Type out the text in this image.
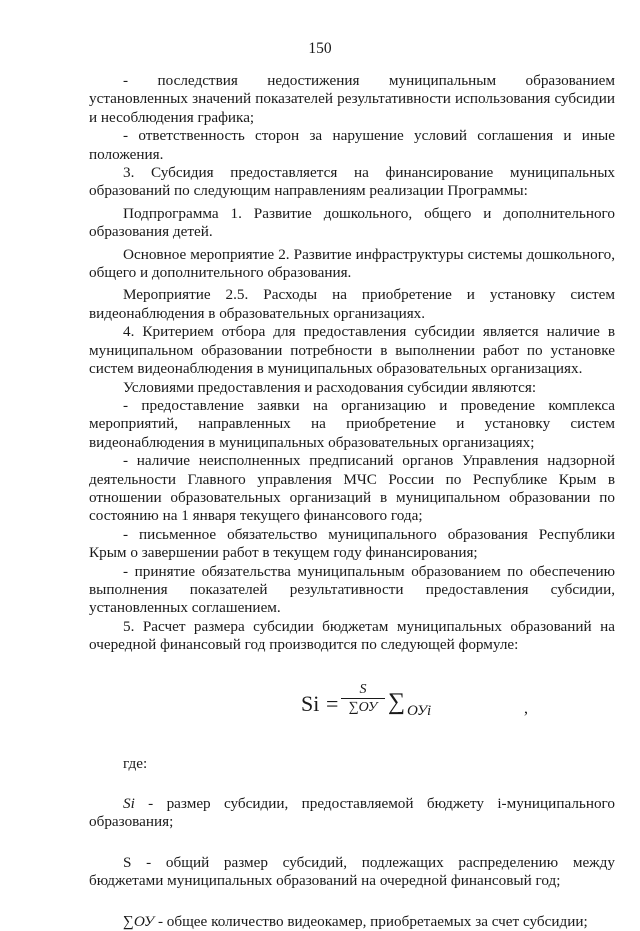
150

- последствия недостижения муниципальным образованием установленных значений показателей результативности использования субсидии и несоблюдения графика;

- ответственность сторон за нарушение условий соглашения и иные положения.

3. Субсидия предоставляется на финансирование муниципальных образований по следующим направлениям реализации Программы:

Подпрограмма 1. Развитие дошкольного, общего и дополнительного образования детей.

Основное мероприятие 2. Развитие инфраструктуры системы дошкольного, общего и дополнительного образования.

Мероприятие 2.5. Расходы на приобретение и установку систем видеонаблюдения в образовательных организациях.

4. Критерием отбора для предоставления субсидии является наличие в муниципальном образовании потребности в выполнении работ по установке систем видеонаблюдения в муниципальных образовательных организациях.

Условиями предоставления и расходования субсидии являются:

- предоставление заявки на организацию и проведение комплекса мероприятий, направленных на приобретение и установку систем видеонаблюдения в муниципальных образовательных организациях;

- наличие неисполненных предписаний органов Управления надзорной деятельности Главного управления МЧС России по Республике Крым в отношении образовательных организаций в муниципальном образовании по состоянию на 1 января текущего финансового года;

- письменное обязательство муниципального образования Республики Крым о завершении работ в текущем году финансирования;

- принятие обязательства муниципальным образованием по обеспечению выполнения показателей результативности предоставления субсидии, установленных соглашением.

5. Расчет размера субсидии бюджетам муниципальных образований на очередной финансовый год производится по следующей формуле:

Si =
S
∑ОУ ∑ ОУi	,

где:

Si - размер субсидии, предоставляемой бюджету i-муниципального образования;

S - общий размер субсидий, подлежащих распределению между бюджетами муниципальных образований на очередной финансовый год;

∑ОУ - общее количество видеокамер, приобретаемых за счет субсидии;
